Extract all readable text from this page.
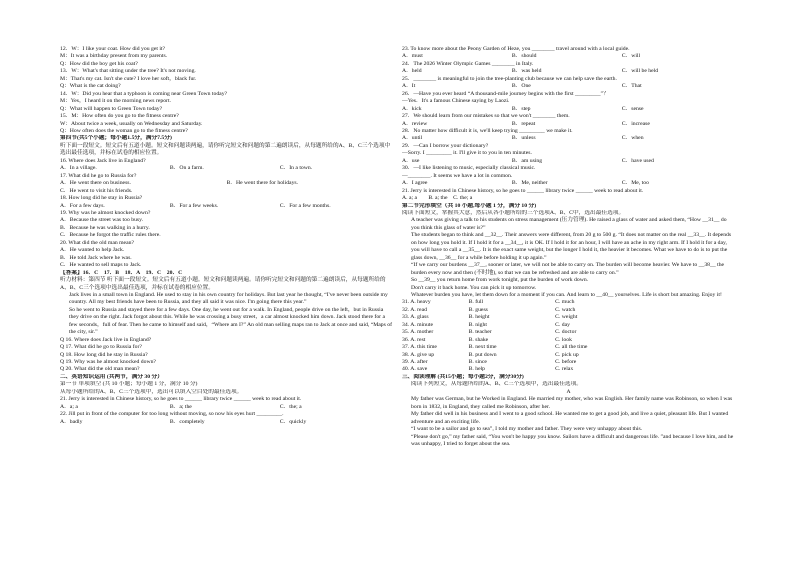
12．W：I like your coat. How did you get it?
M：It was a birthday present from my parents.
Q：How did the boy get his coat?
13．W：What's that sitting under the tree? It's not moving.
M：That's my cat. Isn't she cute? I love her soft，black fur.
Q：What is the cat doing?
14．W：Did you hear that a typhoon is coming near Green Town today?
M：Yes，I heard it on the morning news report.
Q：What will happen to Green Town today?
15．M：How often do you go to the fitness centre?
W：About twice a week, usually on Wednesday and Saturday.
Q：How often does the woman go to the fitness centre?
第四节(共5个小题；每小题1.5分，满分7.5分)
听下面一段短文。短文后有五道小题。短文和问题读两遍，请你听完短文和问题的第二遍朗读后，从每题所给的A、B、C三个选项中选出最佳选项，并标在试卷的相应位置。
16. Where does Jack live in England?
A．In a village.	B．On a farm.	C．In a town.
17. What did he go to Russia for?
A．He went there on business.	B．He went there for holidays.
C．He went to visit his friends.
18. How long did he stay in Russia?
A．For a few days.	B．For a few weeks.	C．For a few months.
19. Why was he almost knocked down?
A．Because the street was too busy.
B．Because he was walking in a hurry.
C．Because he forgot the traffic rules there.
20. What did the old man mean?
A．He wanted to help Jack.
B．He told Jack where he was.
C．He wanted to sell maps to Jack.
【答案】16．C　17．B　18．A　19．C　20．C
听力材料：第四节 听下面一段短文。短文后有五道小题。短文和问题读两遍。请你听完短文和问题的第二遍朗读后，从每题所给的A、B、C三个选项中选出最佳选项，并标在试卷的相应位置。
Jack lives in a small town in England. He used to stay in his own country for holidays. But last year he thought, “I've never been outside my country. All my best friends have been to Russia, and they all said it was nice. I'm going there this year.”
So he went to Russia and stayed there for a few days. One day, he went out for a walk. In England, people drive on the left，but in Russia they drive on the right. Jack forgot about this. While he was crossing a busy street，a car almost knocked him down. Jack stood there for a few seconds，full of fear. Then he came to himself and said，“Where am I?” An old man selling maps ran to Jack at once and said, “Maps of the city, sir.”
Q 16. Where does Jack live in England?
Q 17. What did he go to Russia for?
Q 18. How long did he stay in Russia?
Q 19. Why was he almost knocked down?
Q 20. What did the old man mean?
二、英语知识运用 (共两节，满分 30 分）
第一节 单项填空 (共 10 小题；每小题 1 分，满分 10 分)
从每小题所给的A、B、C三个选项中，选出可以填入空白处的最佳选项。
21. Jerry is interested in Chinese history, so he goes to ______ library twice ______ week to read about it.
A．a; a	B．a; the	C．the; a
22. Jill put in front of the computer for too long without moving, so now his eyes hurt _________.
A．badly	B．completely	C．quickly
23. To know more about the Peony Garden of Heze, you ________ travel around with a local guide.
A．must	B．should	C．will
24．The 2026 Winter Olympic Games ________ in Italy.
A．held	B．was held	C．will be held
25．________ is meaningful to join the tree-planting club because we can help save the earth.
A．It	B．One	C．That
26．—Have you ever heard “A thousand-mile journey begins with the first _________”？
—Yes．It's a famous Chinese saying by Laozi.
A．kick	B．step	C．sense
27．We should learn from our mistakes so that we won't ________ them.
A．review	B．repeat	C．increase
28．No matter how difficult it is, we'll keep trying _________ we make it.
A．until	B．unless	C．when
29．—Can I borrow your dictionary?
—Sorry. I _________ it. I'll give it to you in ten minutes.
A．use	B．am using	C．have used
30．—I like listening to music, especially classical music.
—________. It seems we have a lot in common.
A．I agree	B．Me, neither	C．Me, too
21. Jerry is interested in Chinese history, so he goes to ______ library twice ______ week to read about it.
A. a; a　　B. a; the　C. the; a
第二节完形填空（共 10 小题,每小题 1 分，满分 10 分)
阅读下面短文，掌握其大意，然后从各小题所给的三个选项A、B、C中，选出最佳选项。
A teacher was giving a talk to his students on stress management (压力管理). He raised a glass of water and asked them, “How __31__ do you think this glass of water is?”
The students began to think and __32__. Their answers were different, from 20 g to 500 g. “It does not matter on the real __33__. It depends on how long you hold it. If I hold it for a __34__, it is OK. If I hold it for an hour, I will have an ache in my right arm. If I hold it for a day, you will have to call a __35__. It is the exact same weight, but the longer I hold it, the heavier it becomes. What we have to do is to put the glass down, __36__ for a while before holding it up again.”
“If we carry our burdens __37__, sooner or later, we will not be able to carry on. The burden will become heavier. We have to __38__ the burden every now and then (不时地), so that we can be refreshed and are able to carry on.”
So __39__ you return home from work tonight, put the burden of work down.
Don't carry it back home. You can pick it up tomorrow.
Whatever burden you have, let them down for a moment if you can. And learn to __40__ yourselves. Life is short but amazing. Enjoy it!
31. A. heavy	B. full	C. much
32. A. read	B. guess	C. watch
33. A. glass	B. height	C. weight
34. A. minute	B. night	C. day
35. A. mother	B. teacher	C. doctor
36. A. rest	B. shake	C. look
37. A. this time	B. next time	C. all the time
38. A. give up	B. put down	C. pick up
39. A. after	B. since	C. before
40. A. save	B. help	C. relax
三、阅读理解 (共15小题；每小题2分，满分30分)
阅读下列短文，从每题所给的A、B、C三个选项中，选出最佳选项。
A
My father was German, but he Worked in England. He married my mother, who was English. Her family name was Robinson, so when I was born in 1832, in England, they called me Robinson, after her.
My father did well in his business and I went to a good school. He wanted me to get a good job, and live a quiet, pleasant life. But I wanted adventure and an exciting life.
“I want to be a sailor and go to sea”, I told my mother and father. They were very unhappy about this.
“Please don't go,” my father said, “You won't be happy you know. Sailors have a difficult and dangerous life. ”and because I love him, and he was unhappy, I tried to forget about the sea.
